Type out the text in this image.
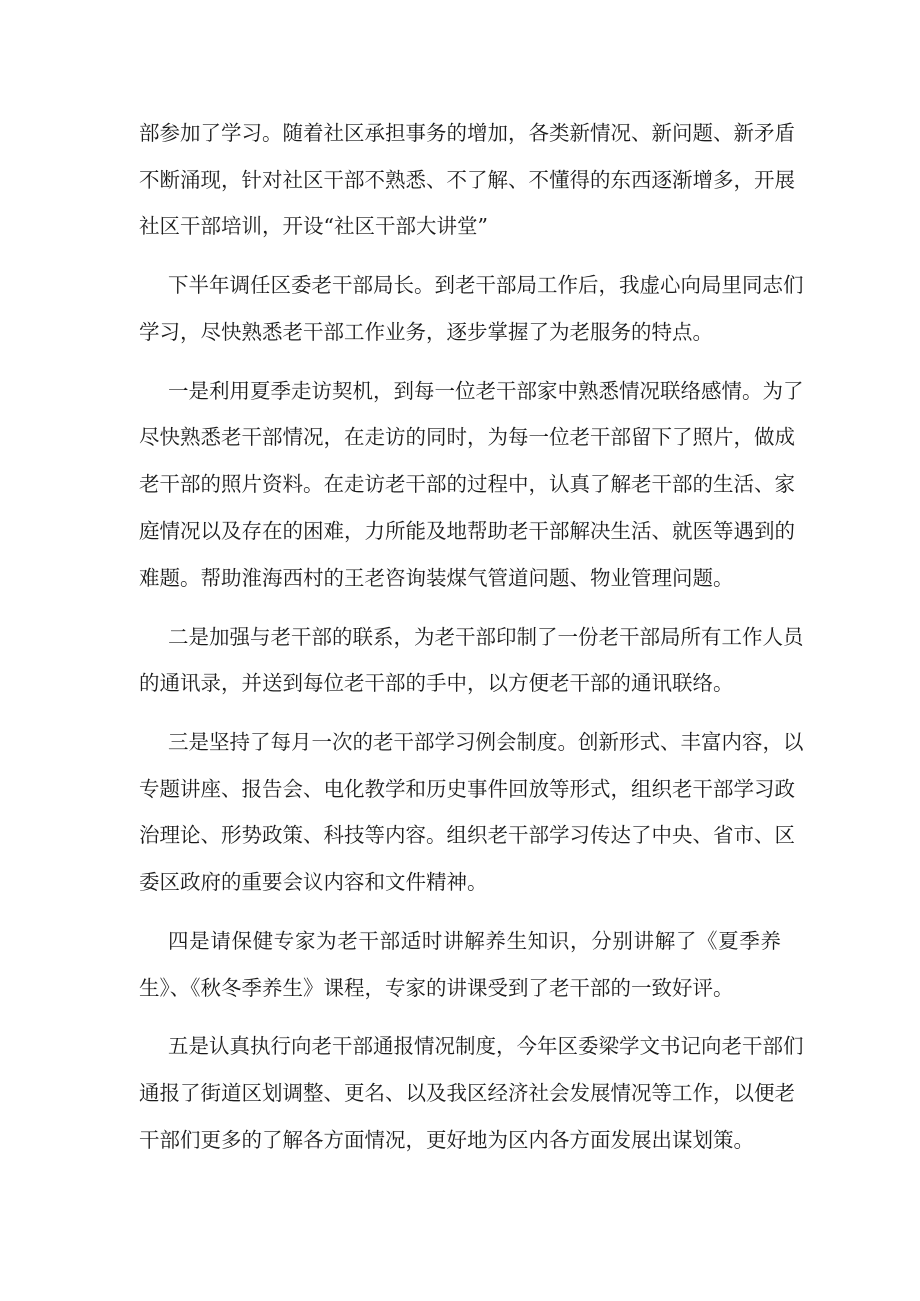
部参加了学习。随着社区承担事务的增加，各类新情况、新问题、新矛盾
不断涌现，针对社区干部不熟悉、不了解、不懂得的东西逐渐增多，开展
社区干部培训，开设“社区干部大讲堂”
下半年调任区委老干部局长。到老干部局工作后，我虚心向局里同志们
学习，尽快熟悉老干部工作业务，逐步掌握了为老服务的特点。
一是利用夏季走访契机，到每一位老干部家中熟悉情况联络感情。为了
尽快熟悉老干部情况，在走访的同时，为每一位老干部留下了照片，做成
老干部的照片资料。在走访老干部的过程中，认真了解老干部的生活、家
庭情况以及存在的困难，力所能及地帮助老干部解决生活、就医等遇到的
难题。帮助淮海西村的王老咨询装煤气管道问题、物业管理问题。
二是加强与老干部的联系，为老干部印制了一份老干部局所有工作人员
的通讯录，并送到每位老干部的手中，以方便老干部的通讯联络。
三是坚持了每月一次的老干部学习例会制度。创新形式、丰富内容，以
专题讲座、报告会、电化教学和历史事件回放等形式，组织老干部学习政
治理论、形势政策、科技等内容。组织老干部学习传达了中央、省市、区
委区政府的重要会议内容和文件精神。
四是请保健专家为老干部适时讲解养生知识，分别讲解了《夏季养
生》、《秋冬季养生》课程，专家的讲课受到了老干部的一致好评。
五是认真执行向老干部通报情况制度，今年区委梁学文书记向老干部们
通报了街道区划调整、更名、以及我区经济社会发展情况等工作，以便老
干部们更多的了解各方面情况，更好地为区内各方面发展出谋划策。
